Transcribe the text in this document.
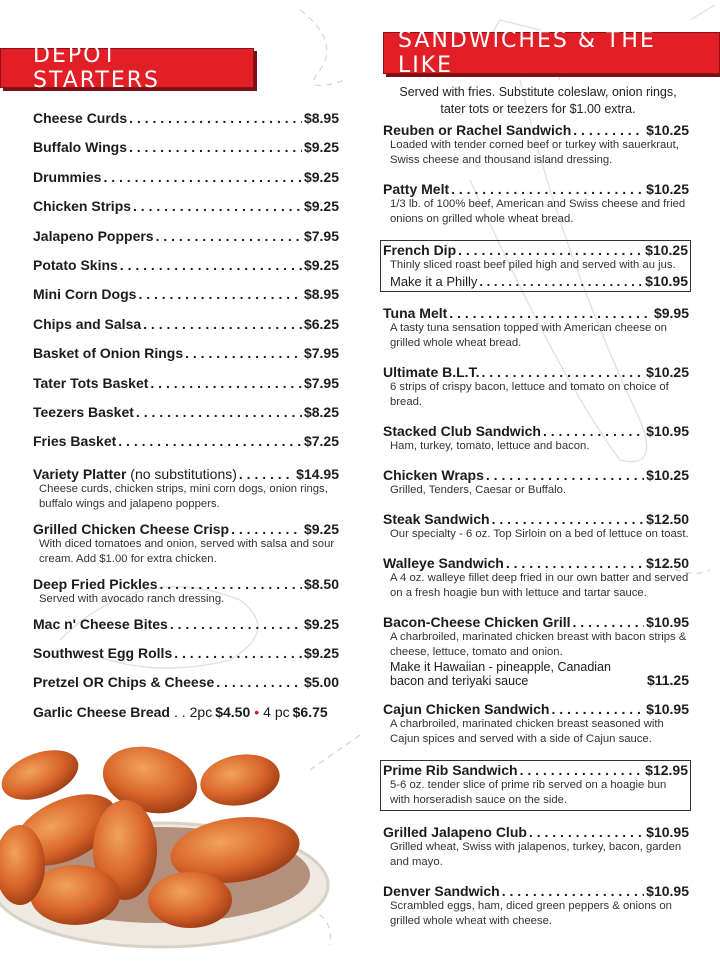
DEPOT STARTERS
SANDWICHES & THE LIKE
Cheese Curds . . .	$8.95
Buffalo Wings . . .	$9.25
Drummies . . .	$9.25
Chicken Strips . . .	$9.25
Jalapeno Poppers . . .	$7.95
Potato Skins . . .	$9.25
Mini Corn Dogs . . .	$8.95
Chips and Salsa . . .	$6.25
Basket of Onion Rings . . .	$7.95
Tater Tots Basket . . .	$7.95
Teezers Basket . . .	$8.25
Fries Basket . . .	$7.25
Variety Platter (no substitutions) . . .	$14.95
Cheese curds, chicken strips, mini corn dogs, onion rings, buffalo wings and jalapeno poppers.
Grilled Chicken Cheese Crisp . . .	$9.25
With diced tomatoes and onion, served with salsa and sour cream. Add $1.00 for extra chicken.
Deep Fried Pickles . . .	$8.50
Served with avocado ranch dressing.
Mac n' Cheese Bites . . .	$9.25
Southwest Egg Rolls . . .	$9.25
Pretzel OR Chips & Cheese . . .	$5.00
Garlic Cheese Bread . . 2pc $4.50 • 4 pc $6.75
Served with fries. Substitute coleslaw, onion rings, tater tots or teezers for $1.00 extra.
Reuben or Rachel Sandwich . . .	$10.25
Loaded with tender corned beef or turkey with sauerkraut, Swiss cheese and thousand island dressing.
Patty Melt . . .	$10.25
1/3 lb. of 100% beef, American and Swiss cheese and fried onions on grilled whole wheat bread.
French Dip . . .	$10.25
Thinly sliced roast beef piled high and served with au jus.
Make it a Philly . . .	$10.95
Tuna Melt . . .	$9.95
A tasty tuna sensation topped with American cheese on grilled whole wheat bread.
Ultimate B.L.T. . . .	$10.25
6 strips of crispy bacon, lettuce and tomato on choice of bread.
Stacked Club Sandwich . . .	$10.95
Ham, turkey, tomato, lettuce and bacon.
Chicken Wraps . . .	$10.25
Grilled, Tenders, Caesar or Buffalo.
Steak Sandwich . . .	$12.50
Our specialty - 6 oz. Top Sirloin on a bed of lettuce on toast.
Walleye Sandwich . . .	$12.50
A 4 oz. walleye fillet deep fried in our own batter and served on a fresh hoagie bun with lettuce and tartar sauce.
Bacon-Cheese Chicken Grill . . .	$10.95
A charbroiled, marinated chicken breast with bacon strips & cheese, lettuce, tomato and onion.
Make it Hawaiian - pineapple, Canadian bacon and teriyaki sauce	$11.25
Cajun Chicken Sandwich . . .	$10.95
A charbroiled, marinated chicken breast seasoned with Cajun spices and served with a side of Cajun sauce.
Prime Rib Sandwich . . .	$12.95
5-6 oz. tender slice of prime rib served on a hoagie bun with horseradish sauce on the side.
Grilled Jalapeno Club . . .	$10.95
Grilled wheat, Swiss with jalapenos, turkey, bacon, garden and mayo.
Denver Sandwich . . .	$10.95
Scrambled eggs, ham, diced green peppers & onions on grilled whole wheat with cheese.
